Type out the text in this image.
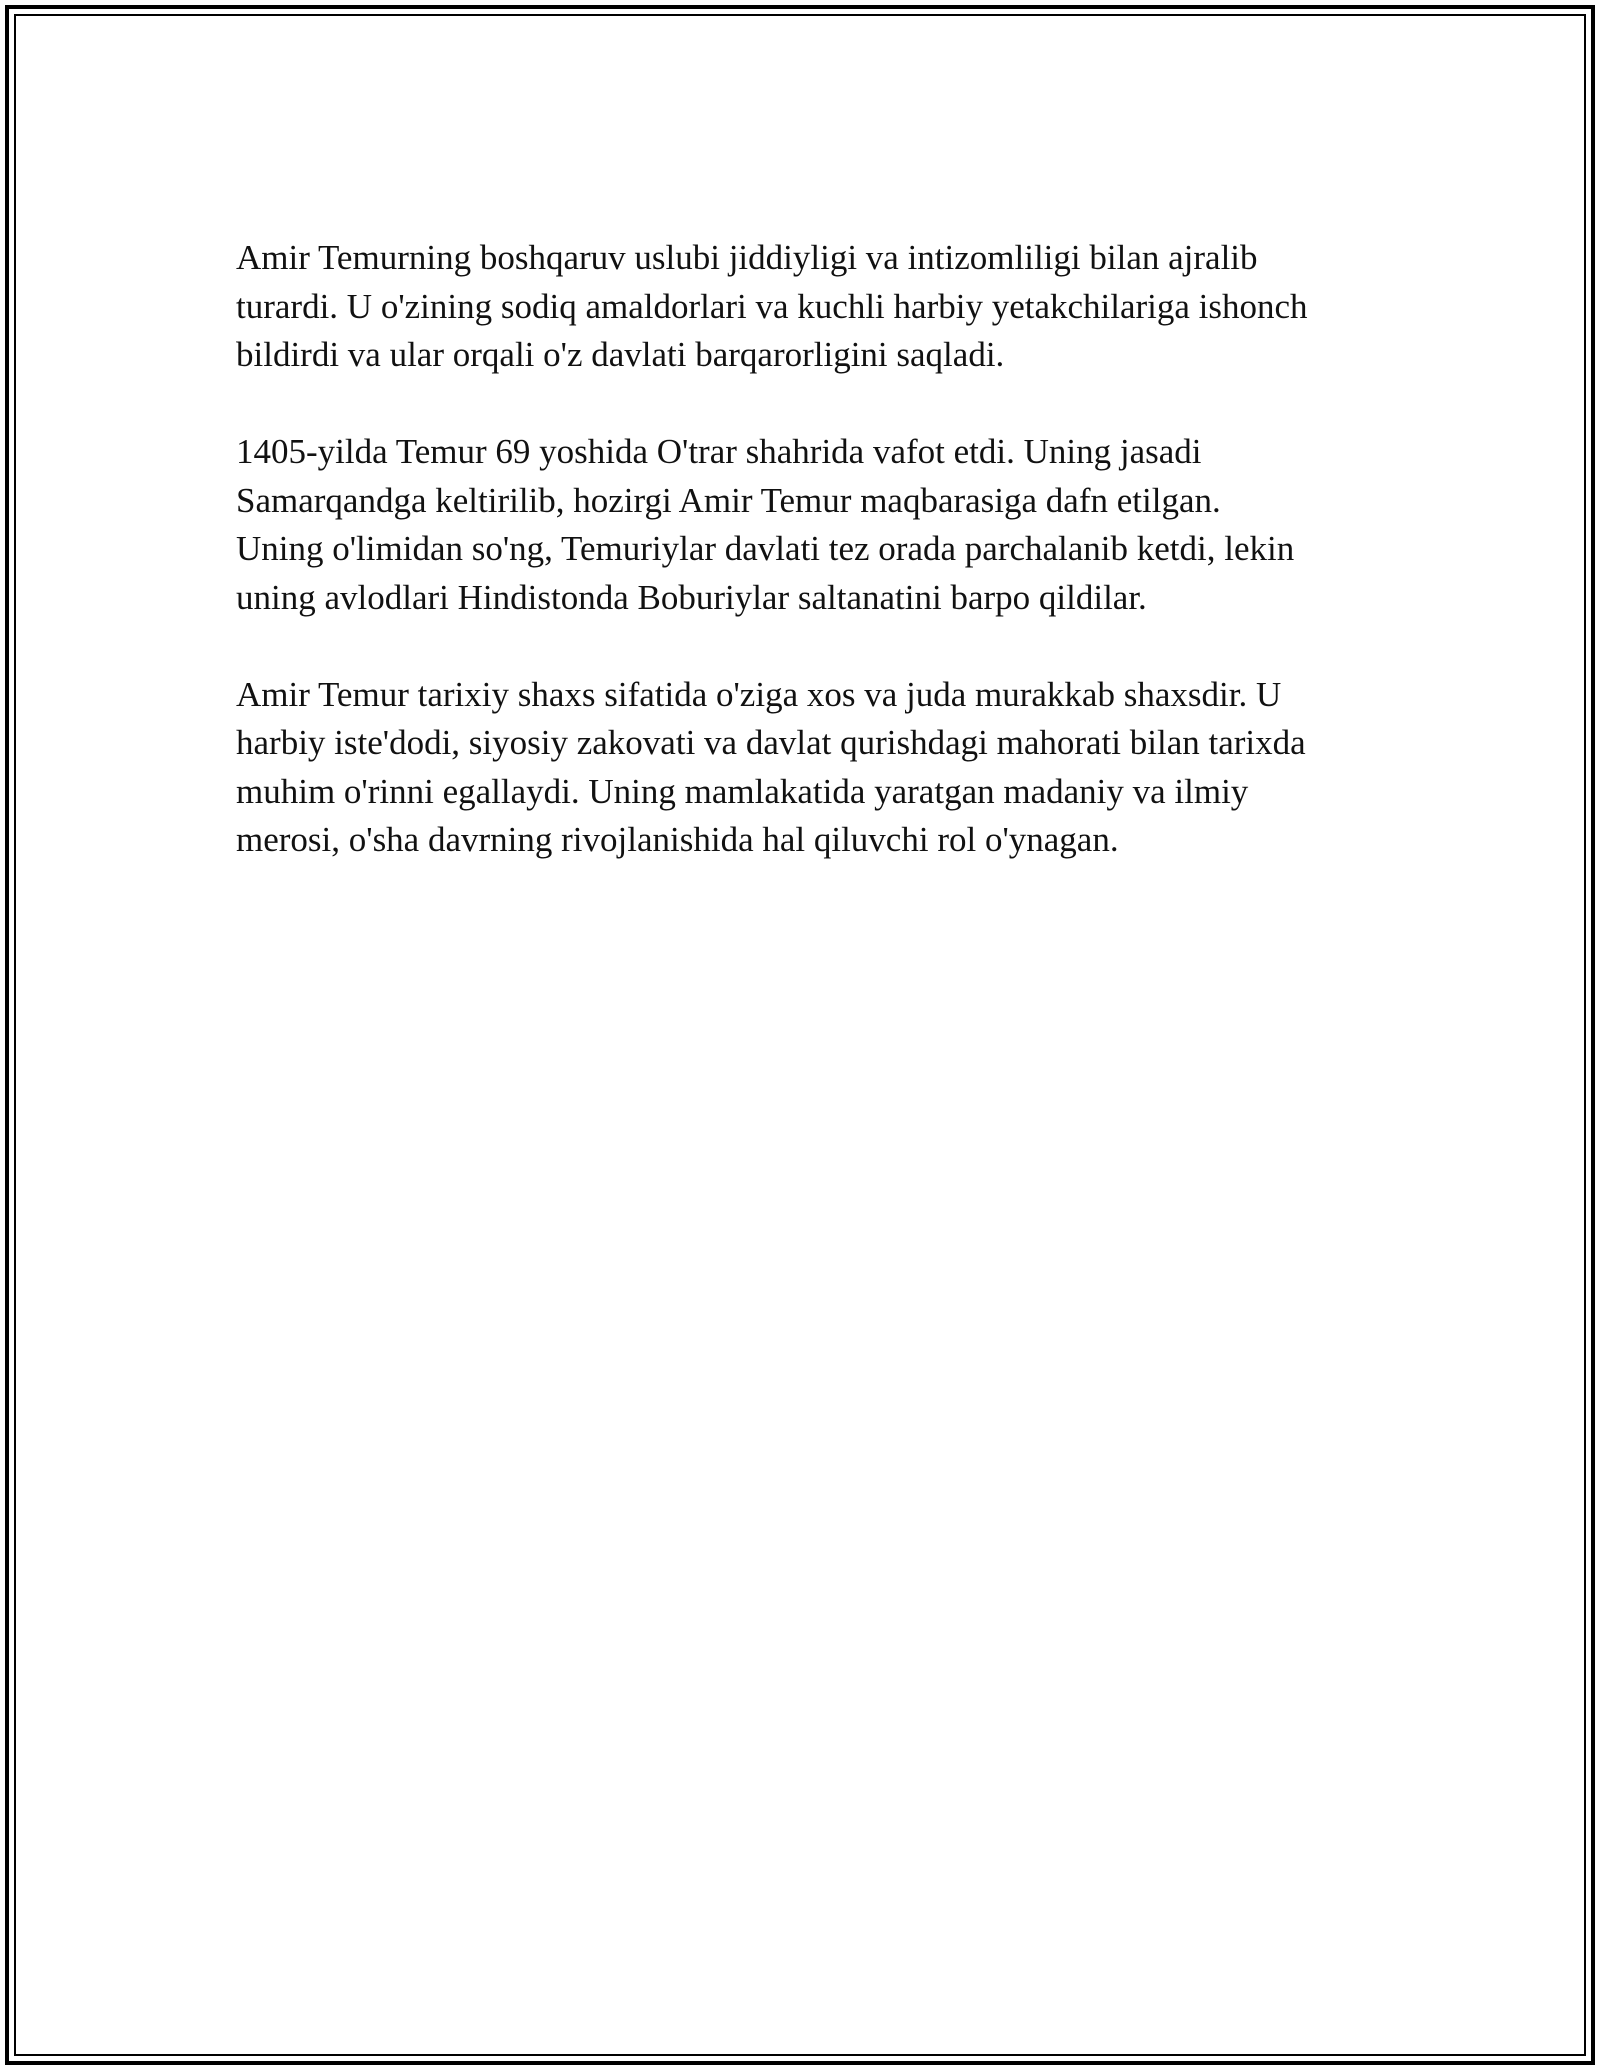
Amir Temurning boshqaruv uslubi jiddiyligi va intizomliligi bilan ajralib
turardi. U o'zining sodiq amaldorlari va kuchli harbiy yetakchilariga ishonch
bildirdi va ular orqali o'z davlati barqarorligini saqladi.

1405-yilda Temur 69 yoshida O'trar shahrida vafot etdi. Uning jasadi
Samarqandga keltirilib, hozirgi Amir Temur maqbarasiga dafn etilgan.
Uning o'limidan so'ng, Temuriylar davlati tez orada parchalanib ketdi, lekin
uning avlodlari Hindistonda Boburiylar saltanatini barpo qildilar.

Amir Temur tarixiy shaxs sifatida o'ziga xos va juda murakkab shaxsdir. U
harbiy iste'dodi, siyosiy zakovati va davlat qurishdagi mahorati bilan tarixda
muhim o'rinni egallaydi. Uning mamlakatida yaratgan madaniy va ilmiy
merosi, o'sha davrning rivojlanishida hal qiluvchi rol o'ynagan.
